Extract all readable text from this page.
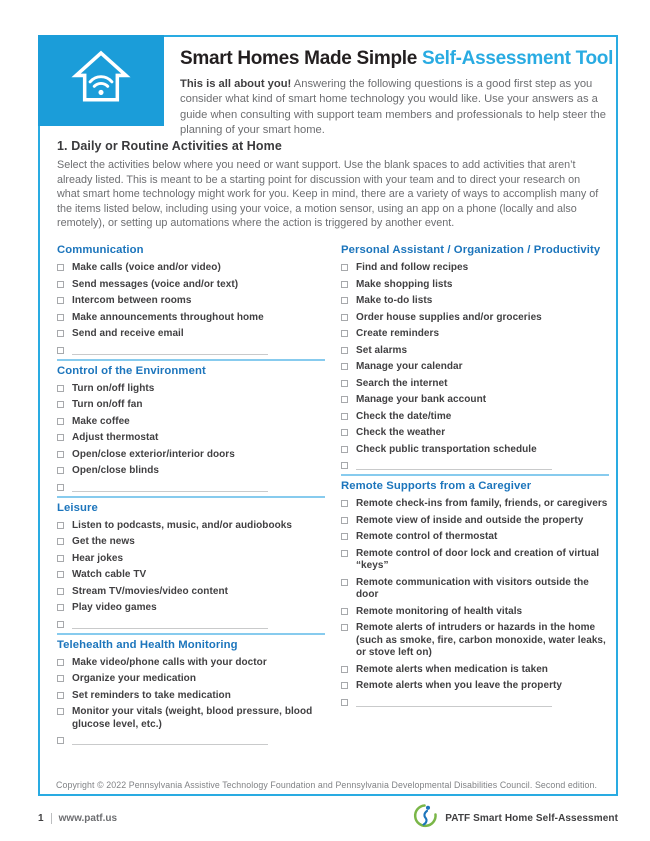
Smart Homes Made Simple Self-Assessment Tool
This is all about you! Answering the following questions is a good first step as you consider what kind of smart home technology you would like. Use your answers as a guide when consulting with support team members and professionals to help steer the planning of your smart home.
1. Daily or Routine Activities at Home
Select the activities below where you need or want support. Use the blank spaces to add activities that aren’t already listed. This is meant to be a starting point for discussion with your team and to direct your research on what smart home technology might work for you. Keep in mind, there are a variety of ways to accomplish many of the items listed below, including using your voice, a motion sensor, using an app on a phone (locally and also remotely), or setting up automations where the action is triggered by another event.
Communication
Make calls (voice and/or video)
Send messages (voice and/or text)
Intercom between rooms
Make announcements throughout home
Send and receive email
Control of the Environment
Turn on/off lights
Turn on/off fan
Make coffee
Adjust thermostat
Open/close exterior/interior doors
Open/close blinds
Leisure
Listen to podcasts, music, and/or audiobooks
Get the news
Hear jokes
Watch cable TV
Stream TV/movies/video content
Play video games
Telehealth and Health Monitoring
Make video/phone calls with your doctor
Organize your medication
Set reminders to take medication
Monitor your vitals (weight, blood pressure, blood glucose level, etc.)
Personal Assistant / Organization / Productivity
Find and follow recipes
Make shopping lists
Make to-do lists
Order house supplies and/or groceries
Create reminders
Set alarms
Manage your calendar
Search the internet
Manage your bank account
Check the date/time
Check the weather
Check public transportation schedule
Remote Supports from a Caregiver
Remote check-ins from family, friends, or caregivers
Remote view of inside and outside the property
Remote control of thermostat
Remote control of door lock and creation of virtual “keys”
Remote communication with visitors outside the door
Remote monitoring of health vitals
Remote alerts of intruders or hazards in the home (such as smoke, fire, carbon monoxide, water leaks, or stove left on)
Remote alerts when medication is taken
Remote alerts when you leave the property
Copyright © 2022 Pennsylvania Assistive Technology Foundation and Pennsylvania Developmental Disabilities Council. Second edition.
1 www.patf.us	PATF Smart Home Self-Assessment
